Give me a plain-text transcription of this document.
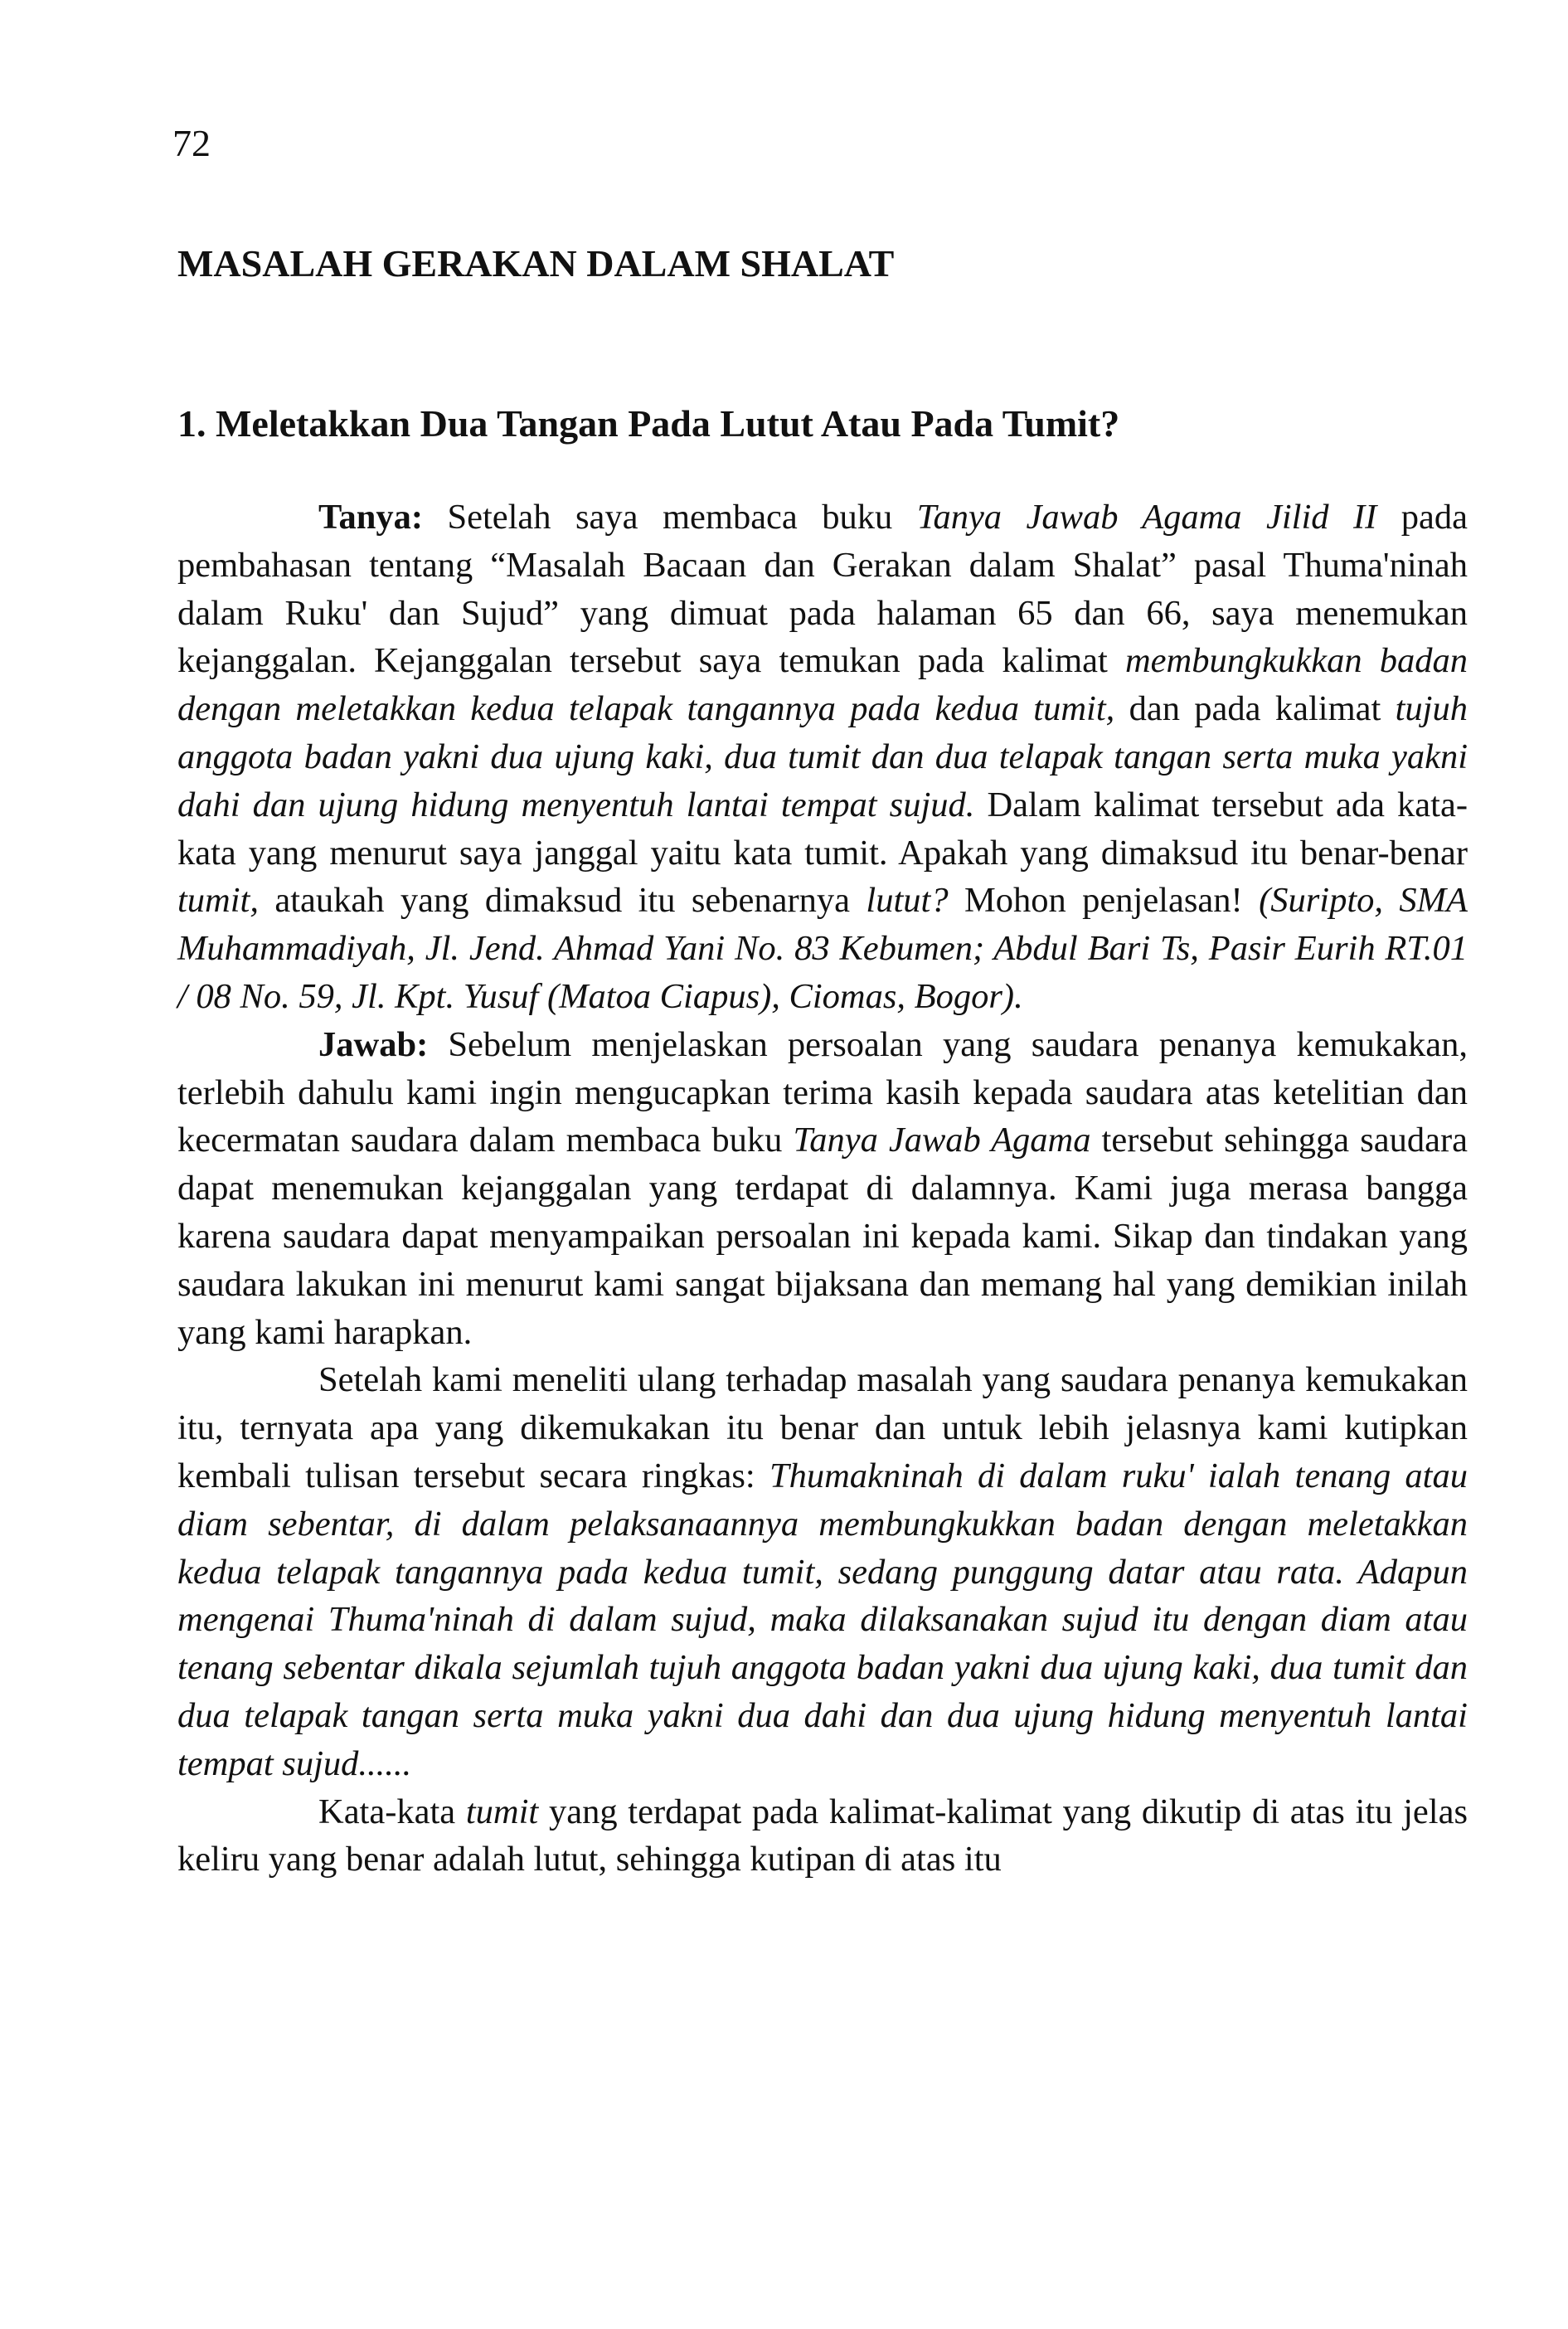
72
MASALAH GERAKAN DALAM SHALAT
1. Meletakkan Dua Tangan Pada Lutut Atau Pada Tumit?

Tanya: Setelah saya membaca buku Tanya Jawab Agama Jilid II pada pembahasan tentang “Masalah Bacaan dan Gerakan dalam Shalat” pasal Thuma'ninah dalam Ruku' dan Sujud” yang dimuat pada halaman 65 dan 66, saya menemukan kejanggalan. Kejanggalan tersebut saya temukan pada kalimat membungkukkan badan dengan meletakkan kedua telapak tangannya pada kedua tumit, dan pada kalimat tujuh anggota badan yakni dua ujung kaki, dua tumit dan dua telapak tangan serta muka yakni dahi dan ujung hidung menyentuh lantai tempat sujud. Dalam kalimat tersebut ada kata-kata yang menurut saya janggal yaitu kata tumit. Apakah yang dimaksud itu benar-benar tumit, ataukah yang dimaksud itu sebenarnya lutut? Mohon penjelasan! (Suripto, SMA Muhammadiyah, Jl. Jend. Ahmad Yani No. 83 Kebumen; Abdul Bari Ts, Pasir Eurih RT.01 / 08 No. 59, Jl. Kpt. Yusuf (Matoa Ciapus), Ciomas, Bogor).

Jawab: Sebelum menjelaskan persoalan yang saudara penanya kemukakan, terlebih dahulu kami ingin mengucapkan terima kasih kepada saudara atas ketelitian dan kecermatan saudara dalam membaca buku Tanya Jawab Agama tersebut sehingga saudara dapat menemukan kejanggalan yang terdapat di dalamnya. Kami juga merasa bangga karena saudara dapat menyampaikan persoalan ini kepada kami. Sikap dan tindakan yang saudara lakukan ini menurut kami sangat bijaksana dan memang hal yang demikian inilah yang kami harapkan.

Setelah kami meneliti ulang terhadap masalah yang saudara penanya kemukakan itu, ternyata apa yang dikemukakan itu benar dan untuk lebih jelasnya kami kutipkan kembali tulisan tersebut secara ringkas: Thumakninah di dalam ruku' ialah tenang atau diam sebentar, di dalam pelaksanaannya membungkukkan badan dengan meletakkan kedua telapak tangannya pada kedua tumit, sedang punggung datar atau rata. Adapun mengenai Thuma'ninah di dalam sujud, maka dilaksanakan sujud itu dengan diam atau tenang sebentar dikala sejumlah tujuh anggota badan yakni dua ujung kaki, dua tumit dan dua telapak tangan serta muka yakni dua dahi dan dua ujung hidung menyentuh lantai tempat sujud......

Kata-kata tumit yang terdapat pada kalimat-kalimat yang dikutip di atas itu jelas keliru yang benar adalah lutut, sehingga kutipan di atas itu
